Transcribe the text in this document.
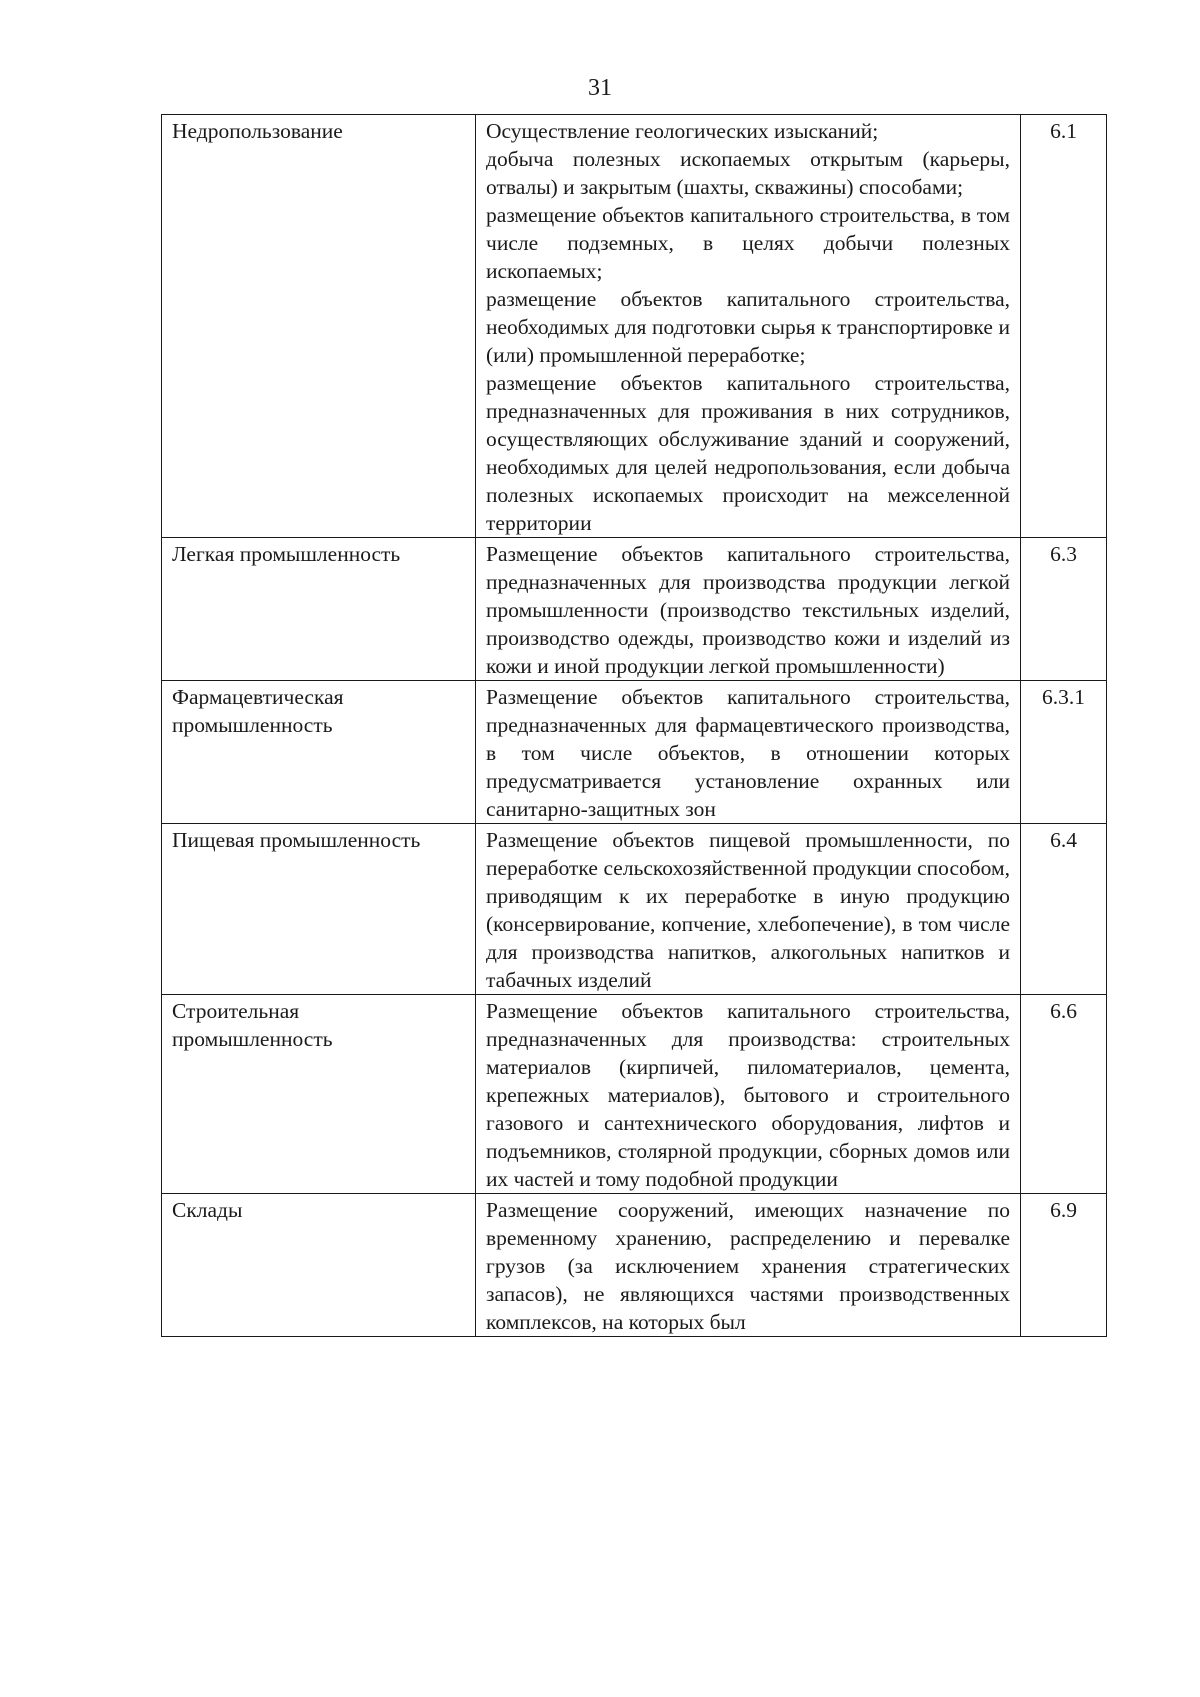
31
Недропользование	Осуществление геологических изысканий;
добыча полезных ископаемых открытым (карьеры, отвалы) и закрытым (шахты, скважины) способами;
размещение объектов капитального строительства, в том числе подземных, в целях добычи полезных ископаемых;
размещение объектов капитального строительства, необходимых для подготовки сырья к транспортировке и (или) промышленной переработке;
размещение объектов капитального строительства, предназначенных для проживания в них сотрудников, осуществляющих обслуживание зданий и сооружений, необходимых для целей недропользования, если добыча полезных ископаемых происходит на межселенной территории	6.1
Легкая промышленность	Размещение объектов капитального строительства, предназначенных для производства продукции легкой промышленности (производство текстильных изделий, производство одежды, производство кожи и изделий из кожи и иной продукции легкой промышленности)	6.3
Фармацевтическая промышленность	Размещение объектов капитального строительства, предназначенных для фармацевтического производства, в том числе объектов, в отношении которых предусматривается установление охранных или санитарно-защитных зон	6.3.1
Пищевая промышленность	Размещение объектов пищевой промышленности, по переработке сельскохозяйственной продукции способом, приводящим к их переработке в иную продукцию (консервирование, копчение, хлебопечение), в том числе для производства напитков, алкогольных напитков и табачных изделий	6.4
Строительная промышленность	Размещение объектов капитального строительства, предназначенных для производства: строительных материалов (кирпичей, пиломатериалов, цемента, крепежных материалов), бытового и строительного газового и сантехнического оборудования, лифтов и подъемников, столярной продукции, сборных домов или их частей и тому подобной продукции	6.6
Склады	Размещение сооружений, имеющих назначение по временному хранению, распределению и перевалке грузов (за исключением хранения стратегических запасов), не являющихся частями производственных комплексов, на которых был	6.9
